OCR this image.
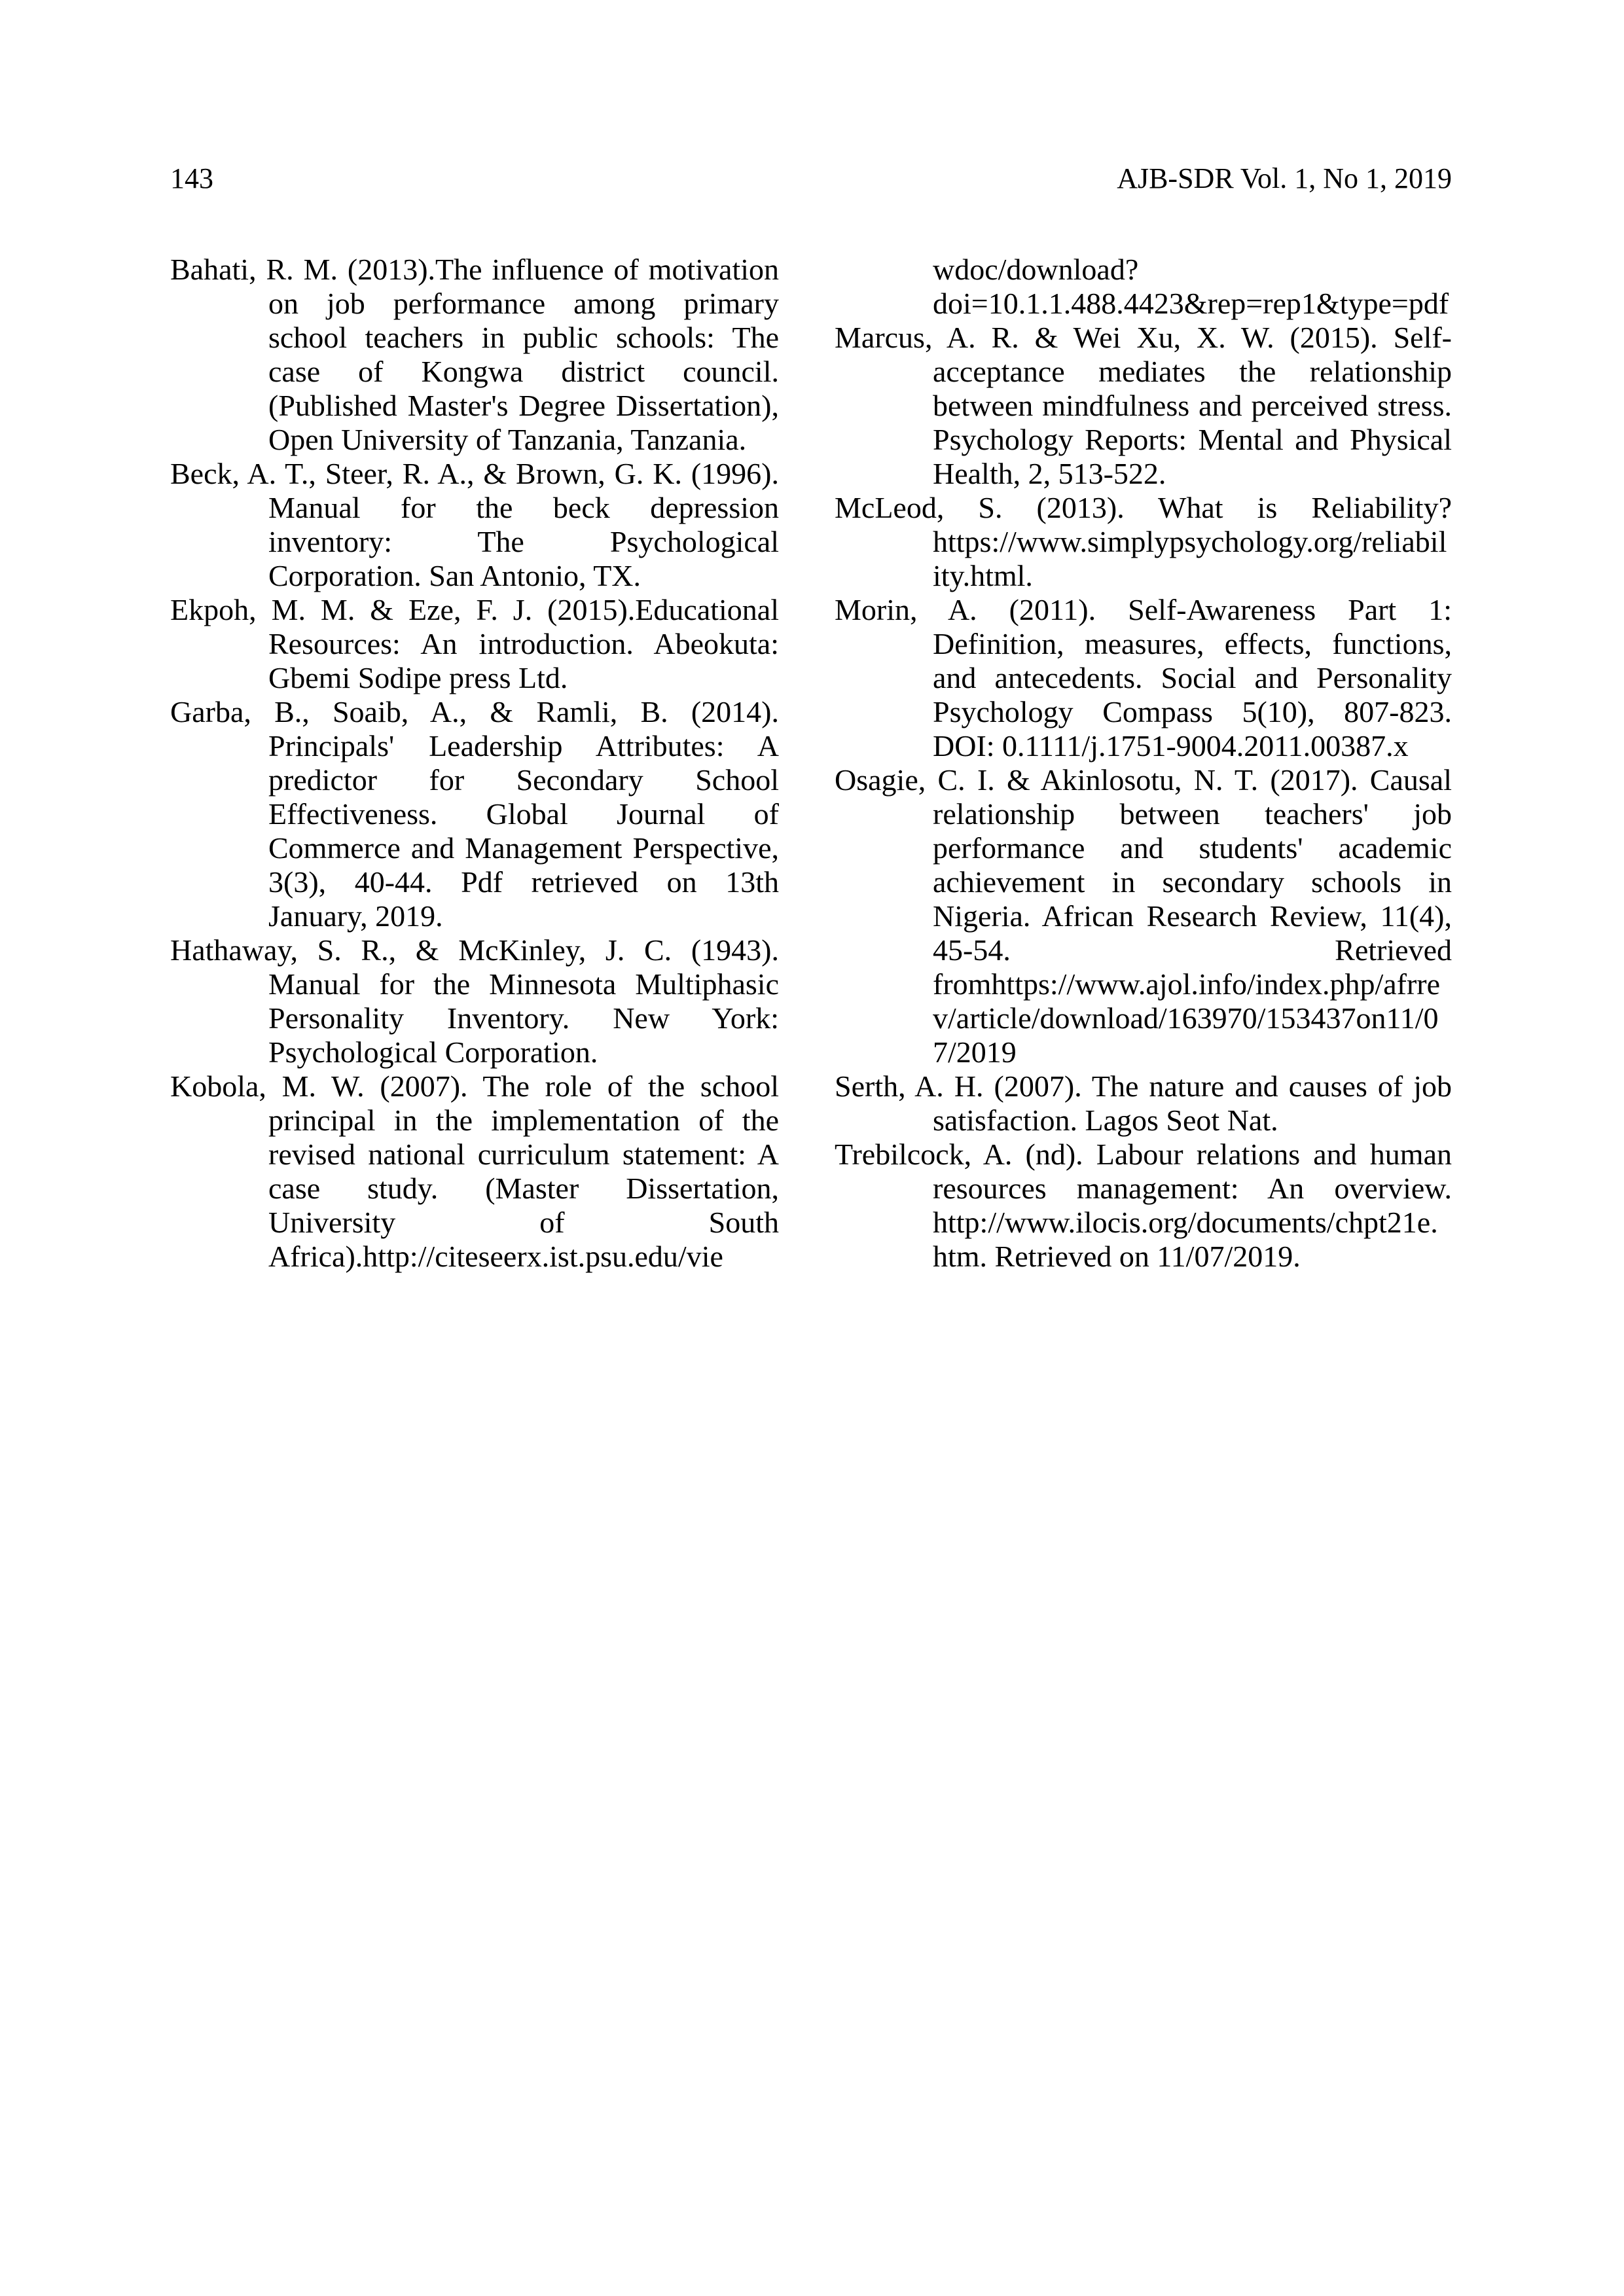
143	AJB-SDR Vol. 1, No 1, 2019

Bahati, R. M. (2013).The influence of motivation on job performance among primary school teachers in public schools: The case of Kongwa district council. (Published Master's Degree Dissertation), Open University of Tanzania, Tanzania.

Beck, A. T., Steer, R. A., & Brown, G. K. (1996). Manual for the beck depression inventory: The Psychological Corporation. San Antonio, TX.

Ekpoh, M. M. & Eze, F. J. (2015).Educational Resources: An introduction. Abeokuta: Gbemi Sodipe press Ltd.

Garba, B., Soaib, A., & Ramli, B. (2014). Principals' Leadership Attributes: A predictor for Secondary School Effectiveness. Global Journal of Commerce and Management Perspective, 3(3), 40-44. Pdf retrieved on 13th January, 2019.

Hathaway, S. R., & McKinley, J. C. (1943). Manual for the Minnesota Multiphasic Personality Inventory. New York: Psychological Corporation.

Kobola, M. W. (2007). The role of the school principal in the implementation of the revised national curriculum statement: A case study. (Master Dissertation, University of South Africa).http://citeseerx.ist.psu.edu/vie

wdoc/download?doi=10.1.1.488.4423&rep=rep1&type=pdf

Marcus, A. R. & Wei Xu, X. W. (2015). Self-acceptance mediates the relationship between mindfulness and perceived stress. Psychology Reports: Mental and Physical Health, 2, 513-522.

McLeod, S. (2013). What is Reliability? https://www.simplypsychology.org/reliability.html.

Morin, A. (2011). Self-Awareness Part 1: Definition, measures, effects, functions, and antecedents. Social and Personality Psychology Compass 5(10), 807-823. DOI: 0.1111/j.1751-9004.2011.00387.x

Osagie, C. I. & Akinlosotu, N. T. (2017). Causal relationship between teachers' job performance and students' academic achievement in secondary schools in Nigeria. African Research Review, 11(4), 45-54. Retrieved fromhttps://www.ajol.info/index.php/afrrev/article/download/163970/153437on11/07/2019

Serth, A. H. (2007). The nature and causes of job satisfaction. Lagos Seot Nat.

Trebilcock, A. (nd). Labour relations and human resources management: An overview. http://www.ilocis.org/documents/chpt21e.htm. Retrieved on 11/07/2019.
